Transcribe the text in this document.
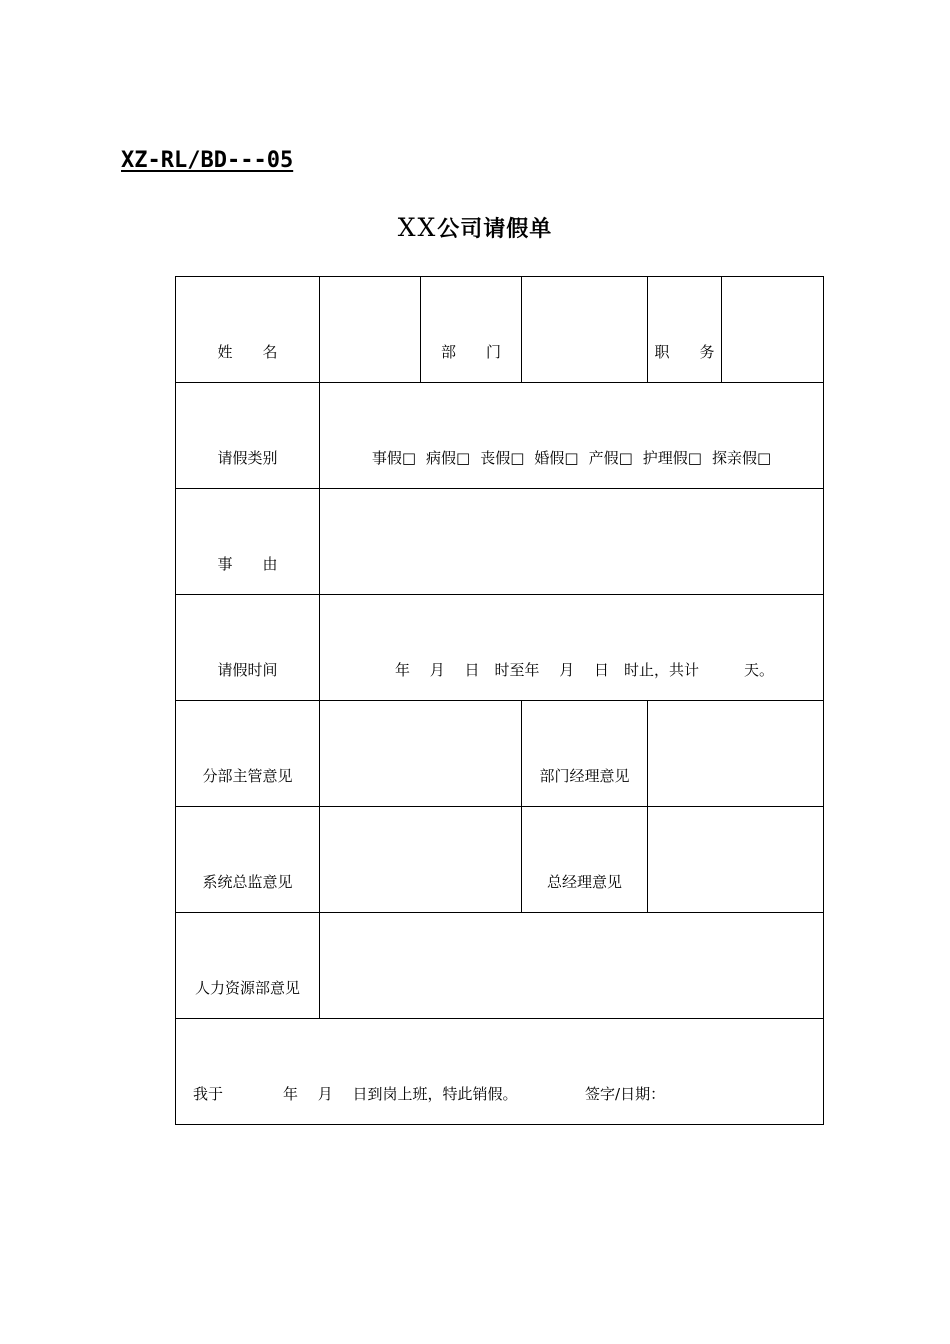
XZ-RL/BD---05
XX公司请假单
姓　　名		部　　门		职　　务	
请假类别	事假□ 病假□ 丧假□ 婚假□ 产假□ 护理假□ 探亲假□				
事　　由					
请假时间	年　 月　 日　时至年　 月　 日　时止，共计　　　天。				
分部主管意见			部门经理意见		
系统总监意见			总经理意见		
人力资源部意见					
我于　　　　年　 月　 日到岗上班，特此销假。　　　　　签字/日期：					
